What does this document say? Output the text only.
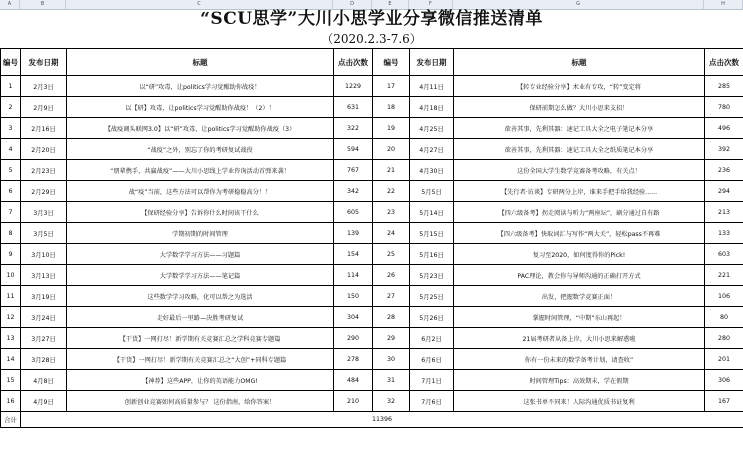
A	B	C	D	E	F	G	H
“SCU思学”大川小思学业分享微信推送清单
（2020.2.3-7.6）
编号	发布日期	标题	点击次数	编号	发布日期	标题	点击次数
1	2月3日	以“研”攻毒，让politics学习觉醒助你战疫！	1229	17	4月11日	【转专业经验分享】术业有专攻，“转”变定将	285
2	2月9日	以【研】攻毒，让politics学习觉醒助你战疫！（2）！	631	18	4月18日	保研前期怎么做？大川小思来支招！	780
3	2月16日	【战疫调头联网3.0】以“研”攻毒，让politics学习觉醒助你战疫（3）	322	19	4月25日	欲善其事，先利其器：速记工具大全之电子笔记本分享	496
4	2月20日	“战疫”之外，别忘了你的考研复试战役	594	20	4月27日	欲善其事，先利其器：速记工具大全之纸质笔记本分享	392
5	2月23日	“朋辈携手，共赢战疫”——大川小思线上学业咨询活动首弹来袭！	767	21	4月30日	这份全国大学生数学竞赛备考攻略，有关点！	236
6	2月29日	战“疫”当前，这些方法可以帮你为考研稳稳高分！！	342	22	5月5日	【先行者·访谈】专研两分上岸，谁来手把手给我经验......	294
7	3月3日	【保研经验分享】告诉你什么时间该干什么	605	23	5月14日	【四六级备考】拐走阅读与听力“两座坛”，刷分通过自有路	213
8	3月5日	学期初期的时间管理	139	24	5月15日	【四六级备考】快取词汇与写作“两大关”，轻松pass不再难	133
9	3月10日	大学数学学习方法——习题篇	154	25	5月16日	复习至2020，如何度得你的Pick!	603
10	3月13日	大学数学学习方法——笔记篇	114	26	5月23日	PAC理论，教会你与导师沟通的正确打开方式	221
11	3月19日	这些数学学习攻略，化可以帮之为选活	150	27	5月25日	出发，把握数学竞赛正面！	106
12	3月24日	走好最后一里路—决胜考研复试	304	28	5月26日	掌握时间管理，“中期”东山再起！	80
13	3月27日	【干货】一网打尽！新学期有关竞赛汇总之学科竞赛专题篇	290	29	6月2日	21届考研者从备上岸，大川小思来解惑啦	280
14	3月28日	【干货】一网打尽！新学期有关竞赛汇总之“大创”+同科专题篇	278	30	6月6日	你有一份未来的数学备考计划，请查收”	201
15	4月8日	【神荐】这些APP，让你的英语能力OMG!	484	31	7月1日	时间管理Tips：高效期末，学在假期	306
16	4月9日	创新创业竞赛如何高质量参与？ 这份指南，给你答案！	210	32	7月6日	这张书单不同来！人际沟通优质书证复利	167
合计	11396						
